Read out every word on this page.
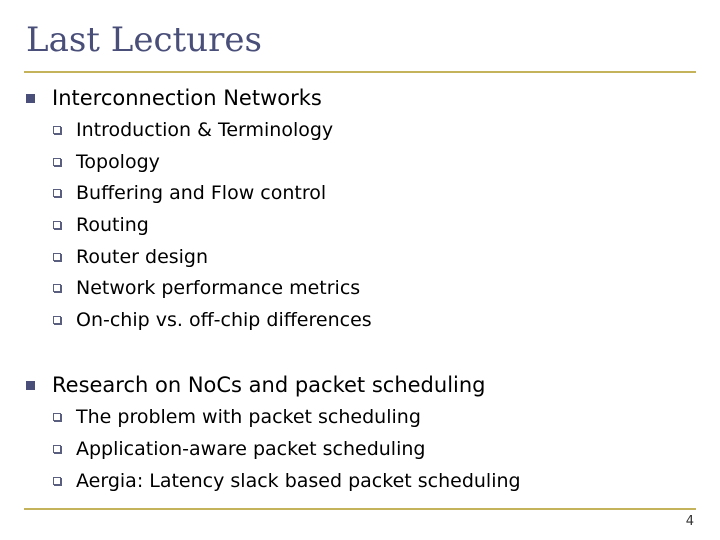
Last Lectures
Interconnection Networks
Introduction & Terminology
Topology
Buffering and Flow control
Routing
Router design
Network performance metrics
On-chip vs. off-chip differences
Research on NoCs and packet scheduling
The problem with packet scheduling
Application-aware packet scheduling
Aergia: Latency slack based packet scheduling
4
